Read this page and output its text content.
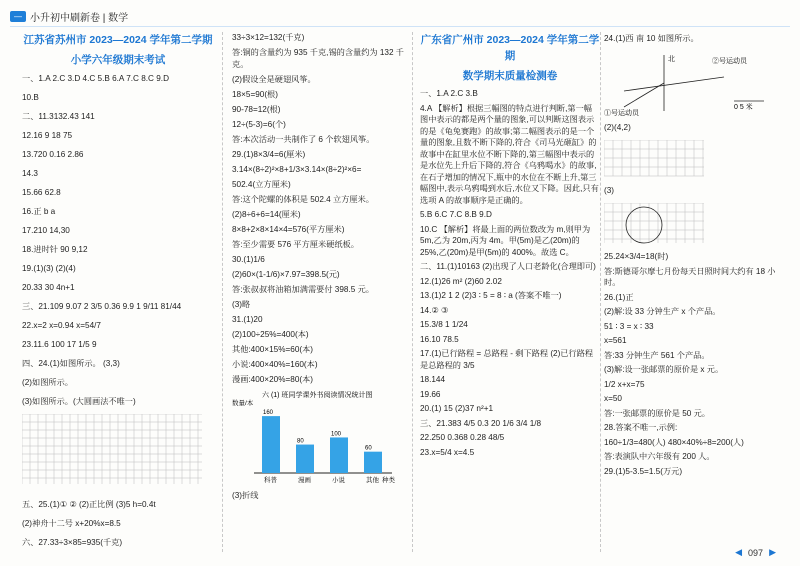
— 小升初中刷新卷 | 数学
江苏省苏州市 2023—2024 学年第二学期
小学六年级期末考试
一、1.A 2.C 3.D 4.C 5.B 6.A 7.C 8.C 9.D
10.B
二、11.3132.43 141
12.16 9 18 75
13.720 0.16 2.86
14.3
15.66 62.8
16.正 b a
17.210 14,30
18.进时针 90 9,12
19.(1)(3) (2)(4)
20.33 30 4n+1
三、21.109 9.07 2 3/5 0.36 9.9 1 9/11 81/44
22.x=2 x=0.94 x=54/7
23.11.6 100 17 1/5 9
四、24.(1)如图所示。 (3,3)
(2)如图所示。
(3)如图所示。(大圆画法不唯一)
五、25.(1)① ② (2)正比例 (3)5 h=0.4t
(2)神舟十二号 x+20%x=8.5
六、27.33÷3×85=935(千克)
33÷3×12=132(千克)
答:铜的含量约为 935 千克,锡的含量约为 132 千克。
(2)假设全是硬翅风筝。
18×5=90(根)
90-78=12(根)
12÷(5-3)=6(个)
答:本次活动一共制作了 6 个软翅风筝。
29.(1)8×3/4=6(厘米)
3.14×(8÷2)²×8+1/3×3.14×(8÷2)²×6=
502.4(立方厘米)
答:这个陀螺的体积是 502.4 立方厘米。
(2)8÷6+6=14(厘米)
8×8+2×8×14×4=576(平方厘米)
答:至少需要 576 平方厘米硬纸板。
30.(1)1/6
(2)60×(1-1/6)×7.97=398.5(元)
答:张叔叔将油箱加满需要付 398.5 元。
(3)略
31.(1)20
(2)100÷25%=400(本)
其他:400×15%=60(本)
小说:400×40%=160(本)
漫画:400×20%=80(本)
六 (1) 班同学课外书阅读情况统计图
数量/本
160
科普
80
漫画
100
小说
60
其他 种类
(3)折线
广东省广州市 2023—2024 学年第二学期
数学期末质量检测卷
一、1.A 2.C 3.B
4.A 【解析】根据三幅图的特点进行判断,第一幅图中表示的都是两个量的图象,可以判断这图表示的是《龟兔赛跑》的故事;第二幅图表示的是一个量的图象,且数不断下降的,符合《司马光砸缸》的故事中在缸里水位不断下降的,第三幅图中表示的是水位先上升后下降的,符合《乌鸦喝水》的故事,在石子增加的情况下,瓶中的水位在不断上升,第三幅图中,表示乌鸦喝到水后,水位又下降。因此,只有选项 A 的故事顺序是正确的。
5.B 6.C 7.C 8.B 9.D
10.C 【解析】将最上面的两位数改为 m,则甲为 5m,乙为 20m,丙为 4m。甲(5m)是乙(20m)的 25%,乙(20m)是甲(5m)的 400%。故选 C。
二、11.(1)10163 (2)出现了人口老龄化(合理即可)
12.(1)26 m² (2)60 2.02
13.(1)2 1 2 (2)3 ∶ 5 = 8 ∶ a (答案不唯一)
14.② ③
15.3/8 1 1/24
16.10 78.5
17.(1)已行路程 = 总路程 - 剩下路程 (2)已行路程是总路程的 3/5
18.144
19.66
20.(1) 15 (2)37 n²+1
三、21.383 4/5 0.3 20 1/6 3/4 1/8
22.250 0.368 0.28 48/5
23.x=5/4 x=4.5
24.(1)西 南 10 如图所示。
北	②号运动员
①号运动员
0 5 米
(2)(4,2)
(3)
25.24×3/4=18(时)
答:斯德哥尔摩七月份每天日照时间大约有 18 小时。
26.(1)正
(2)解:设 33 分钟生产 x 个产品。
51 ∶ 3 = x ∶ 33
x=561
答:33 分钟生产 561 个产品。
(3)解:设一张邮票的原价是 x 元。
1/2 x+x=75
x=50
答:一张邮票的原价是 50 元。
28.答案不唯一,示例:
160÷1/3=480(人) 480×40%÷8=200(人)
答:表演队中六年级有 200 人。
29.(1)5-3.5=1.5(万元)
◀ 097 ▶
